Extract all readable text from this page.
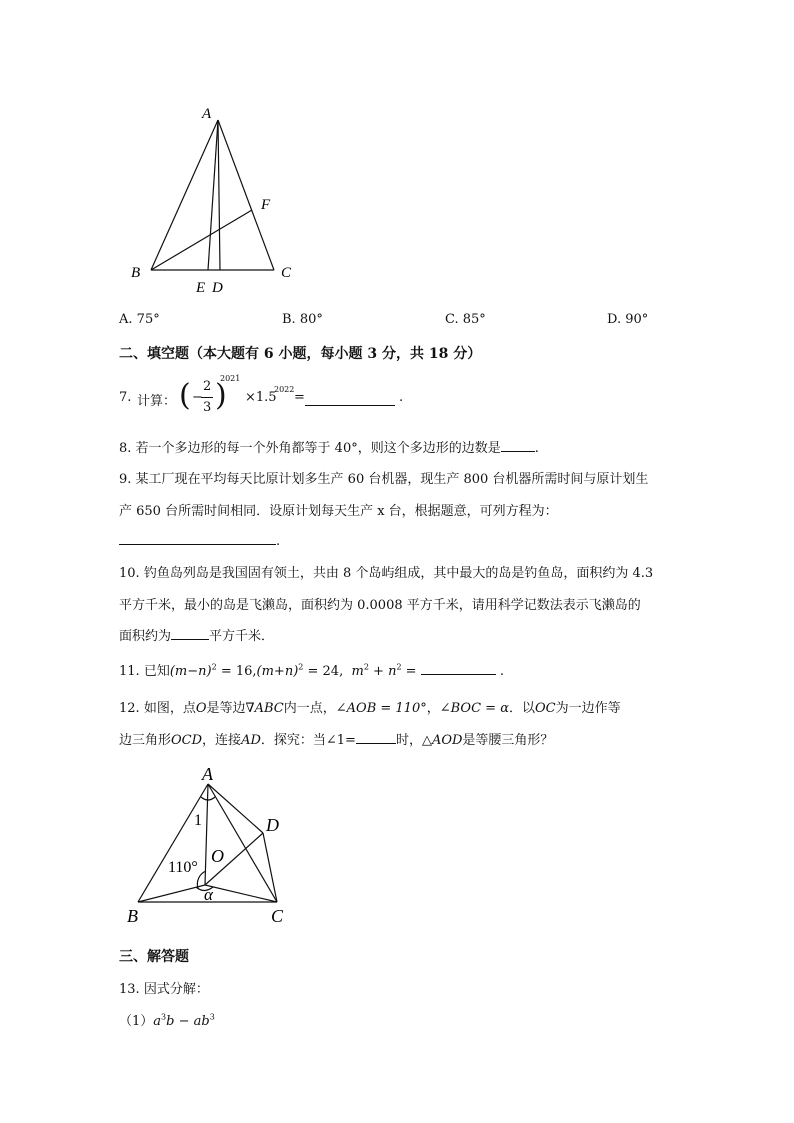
A
B	C
E D
F
A. 75°	B. 80°	C. 85°	D. 90°
二、填空题（本大题有 6 小题，每小题 3 分，共 18 分）
7. 计算： ( −
2
3 )
2021
×1.5
2022
=	.
8. 若一个多边形的每一个外角都等于 40°，则这个多边形的边数是	.
9. 某工厂现在平均每天比原计划多生产 60 台机器，现生产 800 台机器所需时间与原计划生
产 650 台所需时间相同．设原计划每天生产 x 台，根据题意，可列方程为：
.
10. 钓鱼岛列岛是我国固有领土，共由 8 个岛屿组成，其中最大的岛是钓鱼岛，面积约为 4.3
平方千米，最小的岛是飞濑岛，面积约为 0.0008 平方千米，请用科学记数法表示飞濑岛的
面积约为	平方千米．
11. 已知$(m-n)^2 = 16,(m+n)^2 = 24$, $m^2 + n^2$ =	.
12. 如图，点O是等边∇ABC内一点，∠AOB = 110°，∠BOC = α．以OC为一边作等
边三角形OCD，连接AD．探究：当∠1=	时，△AOD是等腰三角形？
A
B	C
D
O
1
110°
α
三、解答题
13. 因式分解：
$(1)a^3b - ab^3$
